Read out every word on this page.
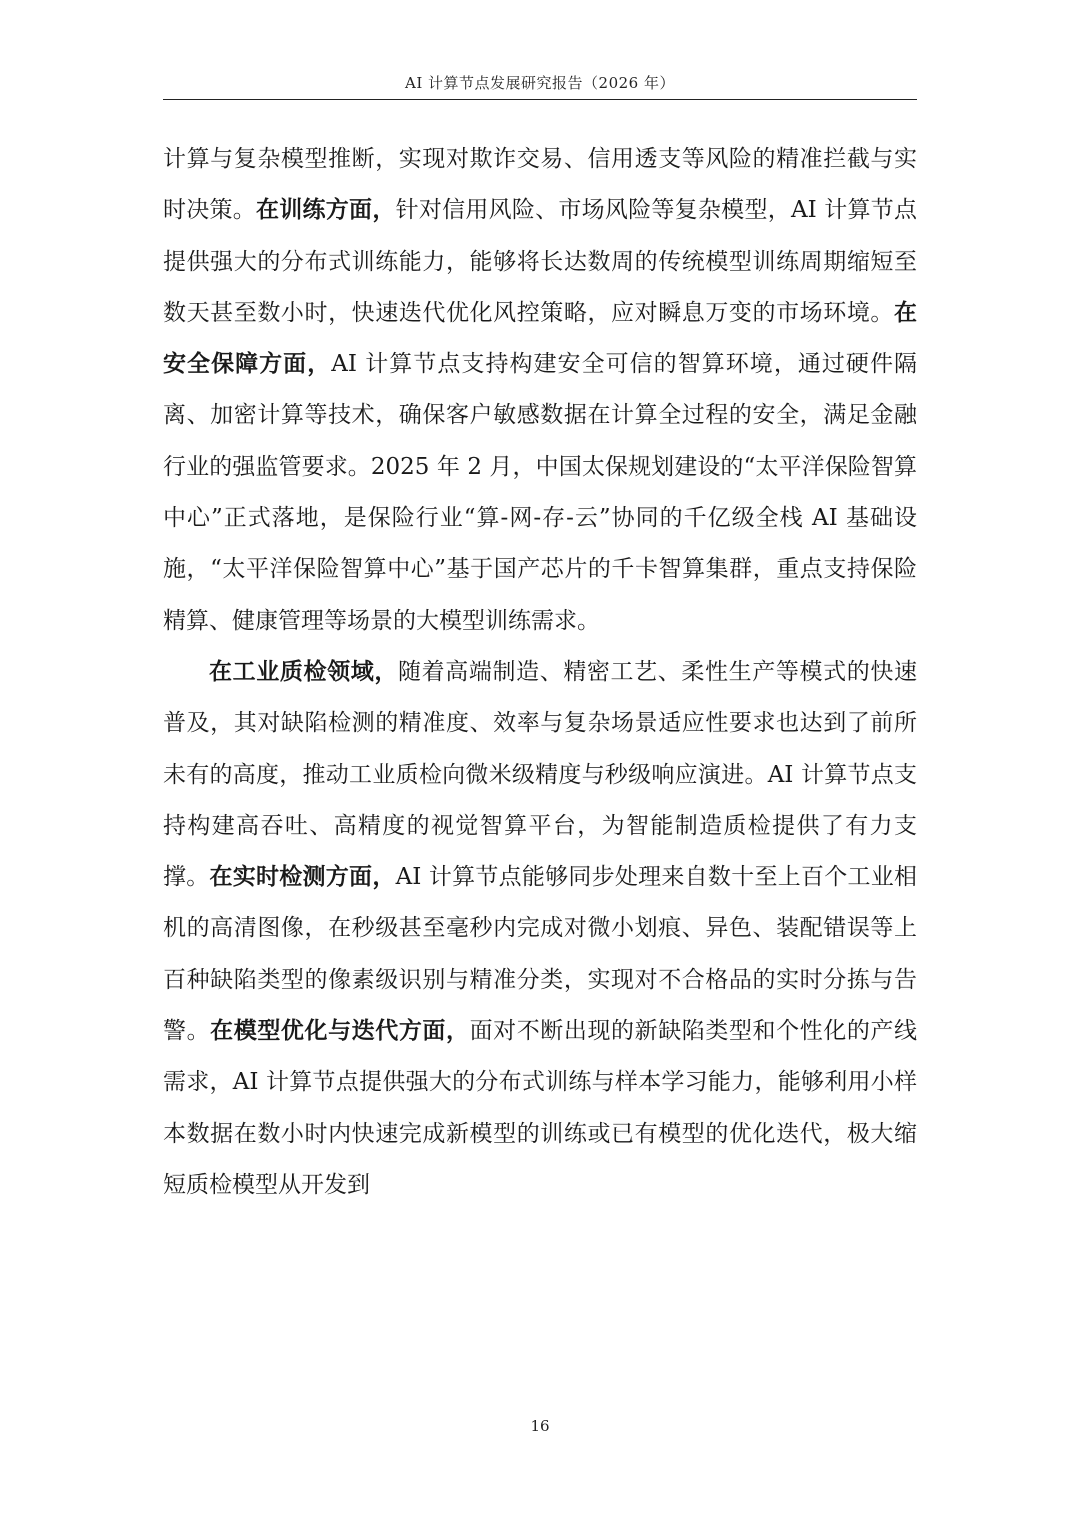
AI 计算节点发展研究报告（2026 年）

计算与复杂模型推断，实现对欺诈交易、信用透支等风险的精准拦截与实时决策。在训练方面，针对信用风险、市场风险等复杂模型，AI 计算节点提供强大的分布式训练能力，能够将长达数周的传统模型训练周期缩短至数天甚至数小时，快速迭代优化风控策略，应对瞬息万变的市场环境。在安全保障方面，AI 计算节点支持构建安全可信的智算环境，通过硬件隔离、加密计算等技术，确保客户敏感数据在计算全过程的安全，满足金融行业的强监管要求。2025 年 2 月，中国太保规划建设的“太平洋保险智算中心”正式落地，是保险行业“算-网-存-云”协同的千亿级全栈 AI 基础设施，“太平洋保险智算中心”基于国产芯片的千卡智算集群，重点支持保险精算、健康管理等场景的大模型训练需求。

在工业质检领域，随着高端制造、精密工艺、柔性生产等模式的快速普及，其对缺陷检测的精准度、效率与复杂场景适应性要求也达到了前所未有的高度，推动工业质检向微米级精度与秒级响应演进。AI 计算节点支持构建高吞吐、高精度的视觉智算平台，为智能制造质检提供了有力支撑。在实时检测方面，AI 计算节点能够同步处理来自数十至上百个工业相机的高清图像，在秒级甚至毫秒内完成对微小划痕、异色、装配错误等上百种缺陷类型的像素级识别与精准分类，实现对不合格品的实时分拣与告警。在模型优化与迭代方面，面对不断出现的新缺陷类型和个性化的产线需求，AI 计算节点提供强大的分布式训练与样本学习能力，能够利用小样本数据在数小时内快速完成新模型的训练或已有模型的优化迭代，极大缩短质检模型从开发到

16
